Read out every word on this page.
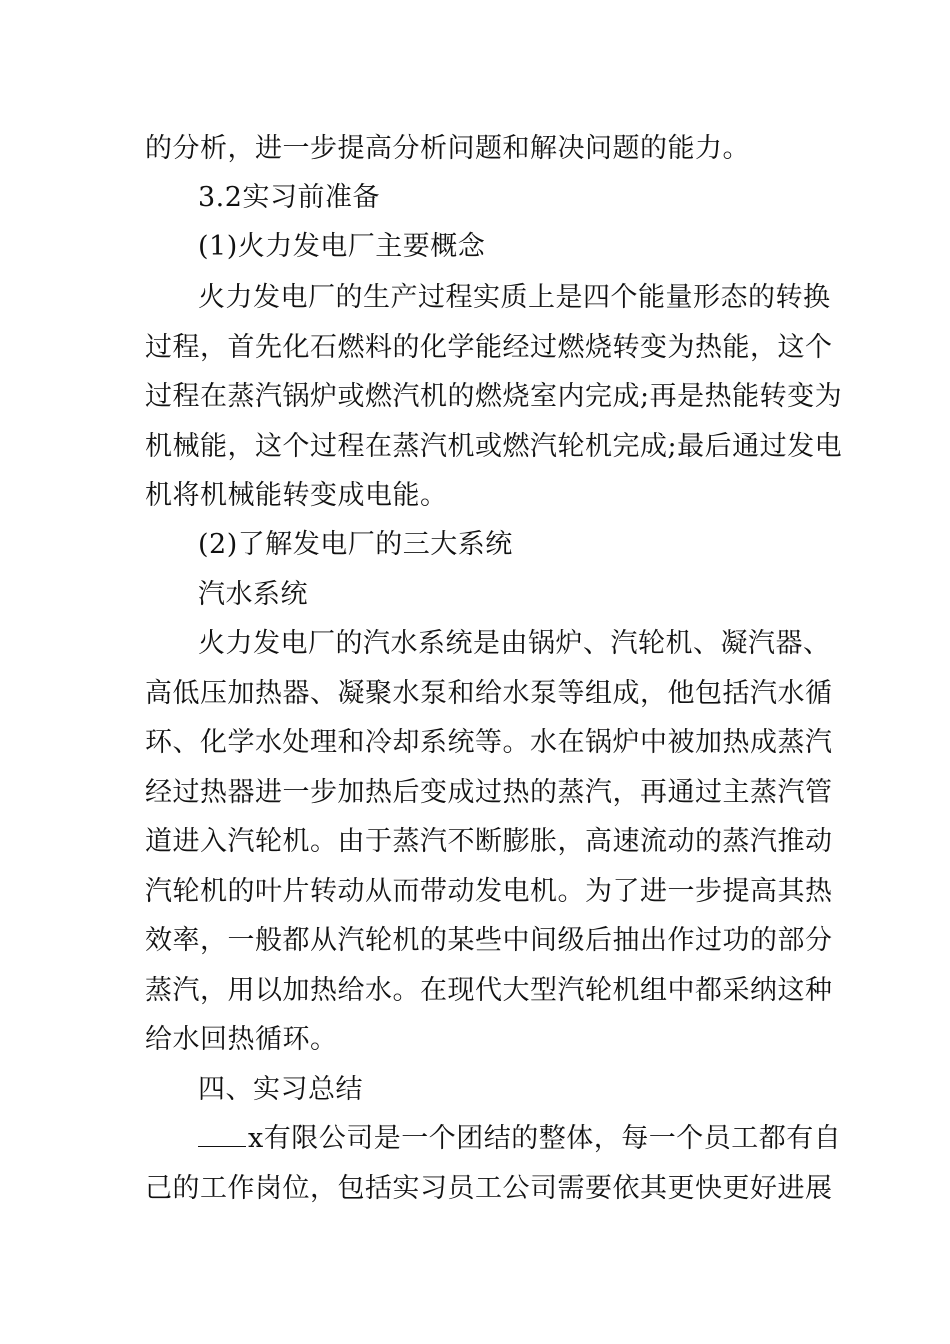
的分析，进一步提高分析问题和解决问题的能力。
3.2实习前准备
(1)火力发电厂主要概念
火力发电厂的生产过程实质上是四个能量形态的转换
过程，首先化石燃料的化学能经过燃烧转变为热能，这个
过程在蒸汽锅炉或燃汽机的燃烧室内完成;再是热能转变为
机械能，这个过程在蒸汽机或燃汽轮机完成;最后通过发电
机将机械能转变成电能。
(2)了解发电厂的三大系统
汽水系统
火力发电厂的汽水系统是由锅炉、汽轮机、凝汽器、
高低压加热器、凝聚水泵和给水泵等组成，他包括汽水循
环、化学水处理和冷却系统等。水在锅炉中被加热成蒸汽
经过热器进一步加热后变成过热的蒸汽，再通过主蒸汽管
道进入汽轮机。由于蒸汽不断膨胀，高速流动的蒸汽推动
汽轮机的叶片转动从而带动发电机。为了进一步提高其热
效率，一般都从汽轮机的某些中间级后抽出作过功的部分
蒸汽，用以加热给水。在现代大型汽轮机组中都采纳这种
给水回热循环。
四、实习总结
x有限公司是一个团结的整体，每一个员工都有自
己的工作岗位，包括实习员工公司需要依其更快更好进展
